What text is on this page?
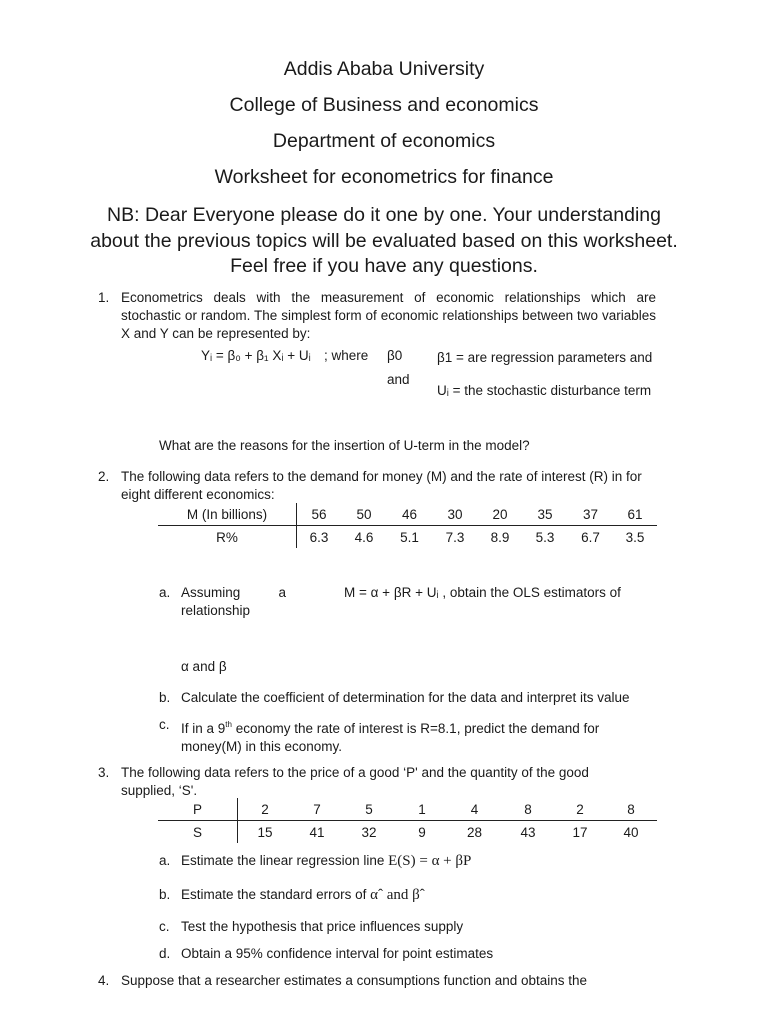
Addis Ababa University
College of Business and economics
Department of economics
Worksheet for econometrics for finance
NB: Dear Everyone please do it one by one. Your understanding about the previous topics will be evaluated based on this worksheet. Feel free if you have any questions.
1. Econometrics deals with the measurement of economic relationships which are stochastic or random. The simplest form of economic relationships between two variables X and Y can be represented by:
Yᵢ = β₀ + β₁ Xᵢ + Uᵢ ; where β0
and
β1 = are regression parameters and
Uᵢ = the stochastic disturbance term
What are the reasons for the insertion of U-term in the model?
2. The following data refers to the demand for money (M) and the rate of interest (R) in for eight different economics:
M (In billions)	56	50	46	30	20	35	37	61
R%	6.3	4.6	5.1	7.3	8.9	5.3	6.7	3.5
a. Assuming a relationship
M = α + βR + Uᵢ , obtain the OLS estimators of
α and β
b. Calculate the coefficient of determination for the data and interpret its value
c. If in a 9th economy the rate of interest is R=8.1, predict the demand for money(M) in this economy.
3. The following data refers to the price of a good ‘P' and the quantity of the good supplied, ‘S'.
P	2	7	5	1	4	8	2	8
S	15	41	32	9	28	43	17	40
a. Estimate the linear regression line E(S) = α + βP
b. Estimate the standard errors of αˆ and βˆ
c. Test the hypothesis that price influences supply
d. Obtain a 95% confidence interval for point estimates
4. Suppose that a researcher estimates a consumptions function and obtains the
